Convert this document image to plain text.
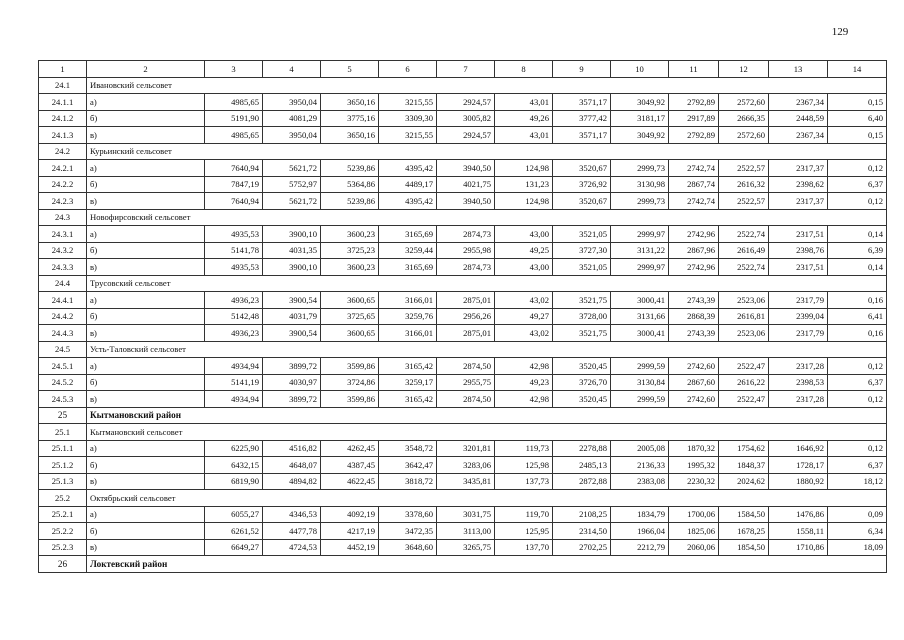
129
1	2	3	4	5	6	7	8	9	10	11	12	13	14
24.1	Ивановский сельсовет												
24.1.1	а)	4985,65	3950,04	3650,16	3215,55	2924,57	43,01	3571,17	3049,92	2792,89	2572,60	2367,34	0,15
24.1.2	б)	5191,90	4081,29	3775,16	3309,30	3005,82	49,26	3777,42	3181,17	2917,89	2666,35	2448,59	6,40
24.1.3	в)	4985,65	3950,04	3650,16	3215,55	2924,57	43,01	3571,17	3049,92	2792,89	2572,60	2367,34	0,15
24.2	Курьинский сельсовет												
24.2.1	а)	7640,94	5621,72	5239,86	4395,42	3940,50	124,98	3520,67	2999,73	2742,74	2522,57	2317,37	0,12
24.2.2	б)	7847,19	5752,97	5364,86	4489,17	4021,75	131,23	3726,92	3130,98	2867,74	2616,32	2398,62	6,37
24.2.3	в)	7640,94	5621,72	5239,86	4395,42	3940,50	124,98	3520,67	2999,73	2742,74	2522,57	2317,37	0,12
24.3	Новофирсовский сельсовет												
24.3.1	а)	4935,53	3900,10	3600,23	3165,69	2874,73	43,00	3521,05	2999,97	2742,96	2522,74	2317,51	0,14
24.3.2	б)	5141,78	4031,35	3725,23	3259,44	2955,98	49,25	3727,30	3131,22	2867,96	2616,49	2398,76	6,39
24.3.3	в)	4935,53	3900,10	3600,23	3165,69	2874,73	43,00	3521,05	2999,97	2742,96	2522,74	2317,51	0,14
24.4	Трусовский сельсовет												
24.4.1	а)	4936,23	3900,54	3600,65	3166,01	2875,01	43,02	3521,75	3000,41	2743,39	2523,06	2317,79	0,16
24.4.2	б)	5142,48	4031,79	3725,65	3259,76	2956,26	49,27	3728,00	3131,66	2868,39	2616,81	2399,04	6,41
24.4.3	в)	4936,23	3900,54	3600,65	3166,01	2875,01	43,02	3521,75	3000,41	2743,39	2523,06	2317,79	0,16
24.5	Усть-Таловский сельсовет												
24.5.1	а)	4934,94	3899,72	3599,86	3165,42	2874,50	42,98	3520,45	2999,59	2742,60	2522,47	2317,28	0,12
24.5.2	б)	5141,19	4030,97	3724,86	3259,17	2955,75	49,23	3726,70	3130,84	2867,60	2616,22	2398,53	6,37
24.5.3	в)	4934,94	3899,72	3599,86	3165,42	2874,50	42,98	3520,45	2999,59	2742,60	2522,47	2317,28	0,12
25	Кытмановский район												
25.1	Кытмановский сельсовет												
25.1.1	а)	6225,90	4516,82	4262,45	3548,72	3201,81	119,73	2278,88	2005,08	1870,32	1754,62	1646,92	0,12
25.1.2	б)	6432,15	4648,07	4387,45	3642,47	3283,06	125,98	2485,13	2136,33	1995,32	1848,37	1728,17	6,37
25.1.3	в)	6819,90	4894,82	4622,45	3818,72	3435,81	137,73	2872,88	2383,08	2230,32	2024,62	1880,92	18,12
25.2	Октябрьский сельсовет												
25.2.1	а)	6055,27	4346,53	4092,19	3378,60	3031,75	119,70	2108,25	1834,79	1700,06	1584,50	1476,86	0,09
25.2.2	б)	6261,52	4477,78	4217,19	3472,35	3113,00	125,95	2314,50	1966,04	1825,06	1678,25	1558,11	6,34
25.2.3	в)	6649,27	4724,53	4452,19	3648,60	3265,75	137,70	2702,25	2212,79	2060,06	1854,50	1710,86	18,09
26	Локтевский район												
